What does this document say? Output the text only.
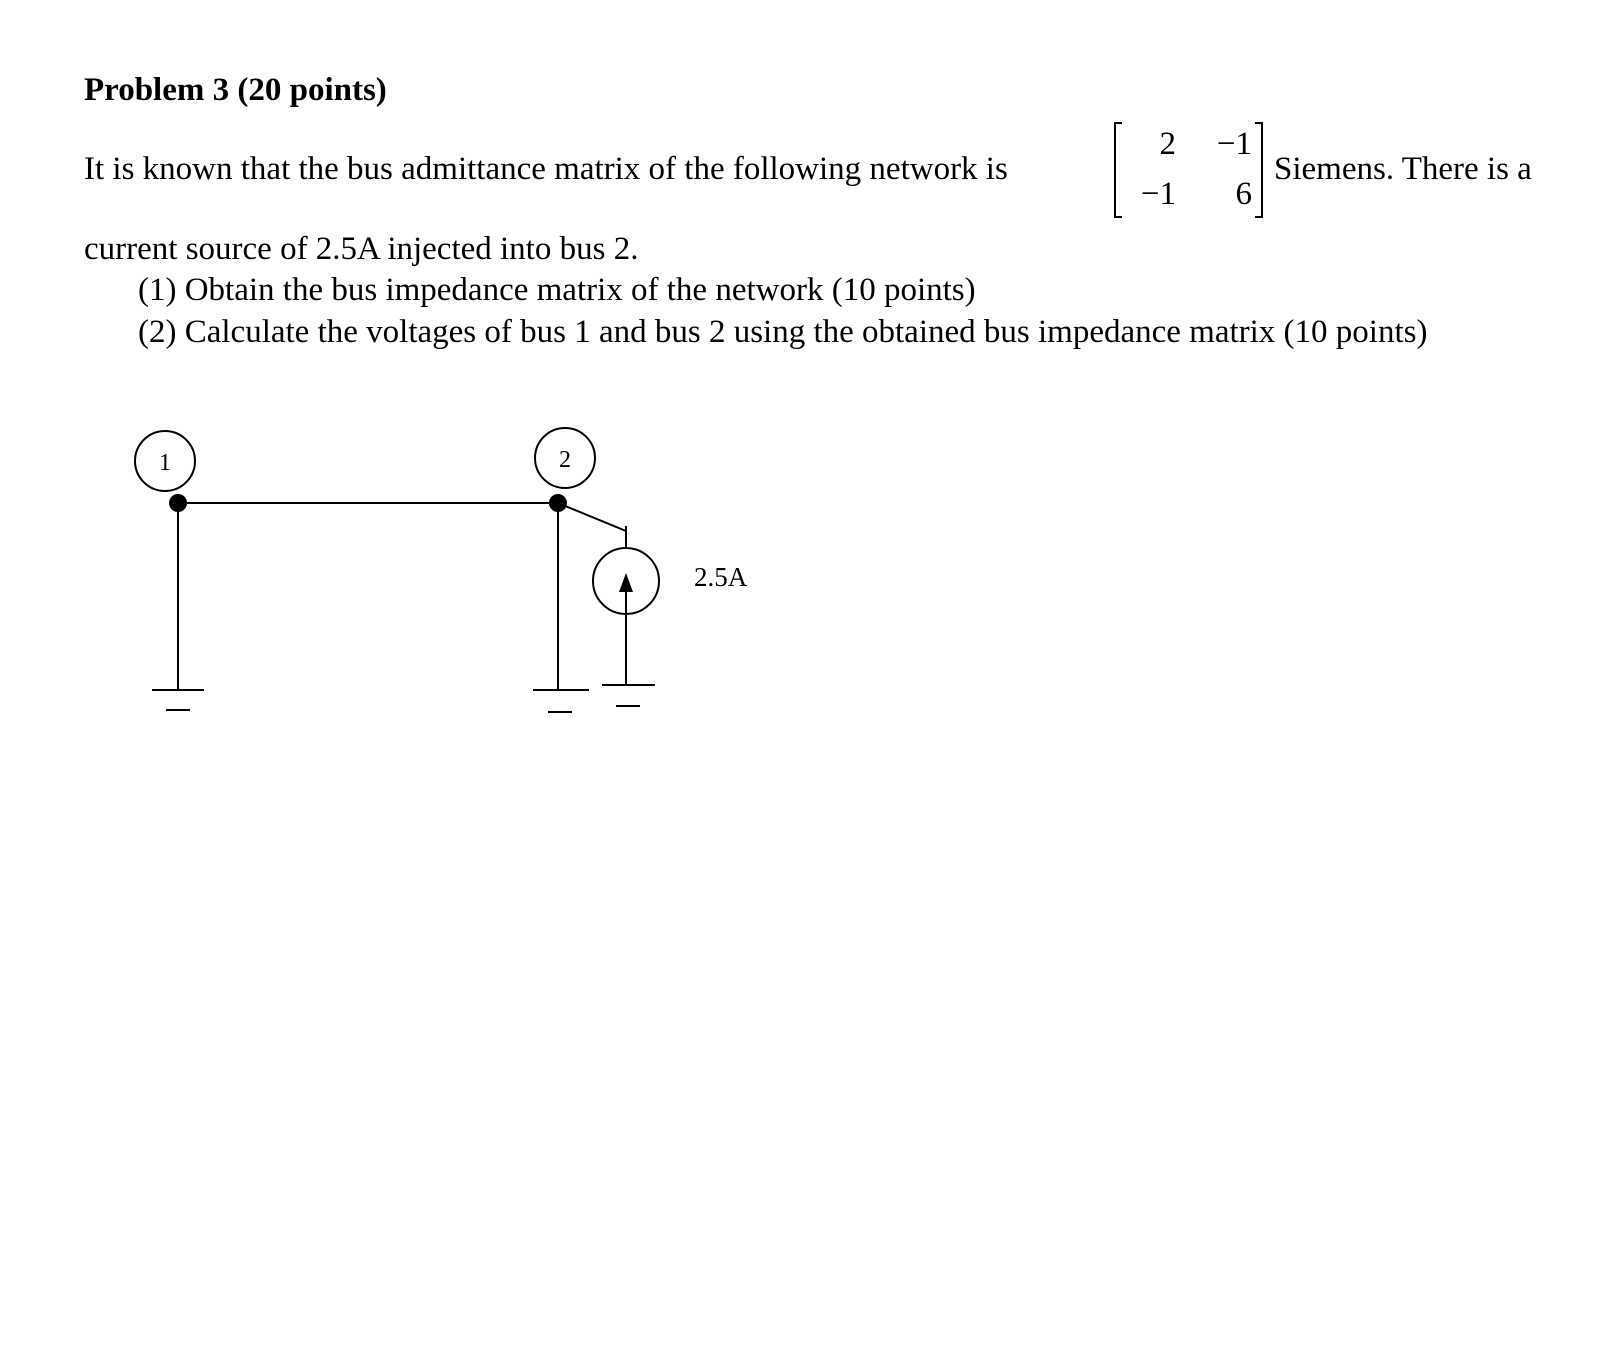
Problem 3 (20 points)
It is known that the bus admittance matrix of the following network is
2	−1
−1	6
Siemens. There is a
current source of 2.5A injected into bus 2.
(1) Obtain the bus impedance matrix of the network (10 points)
(2) Calculate the voltages of bus 1 and bus 2 using the obtained bus impedance matrix (10 points)
1	2
2.5A
